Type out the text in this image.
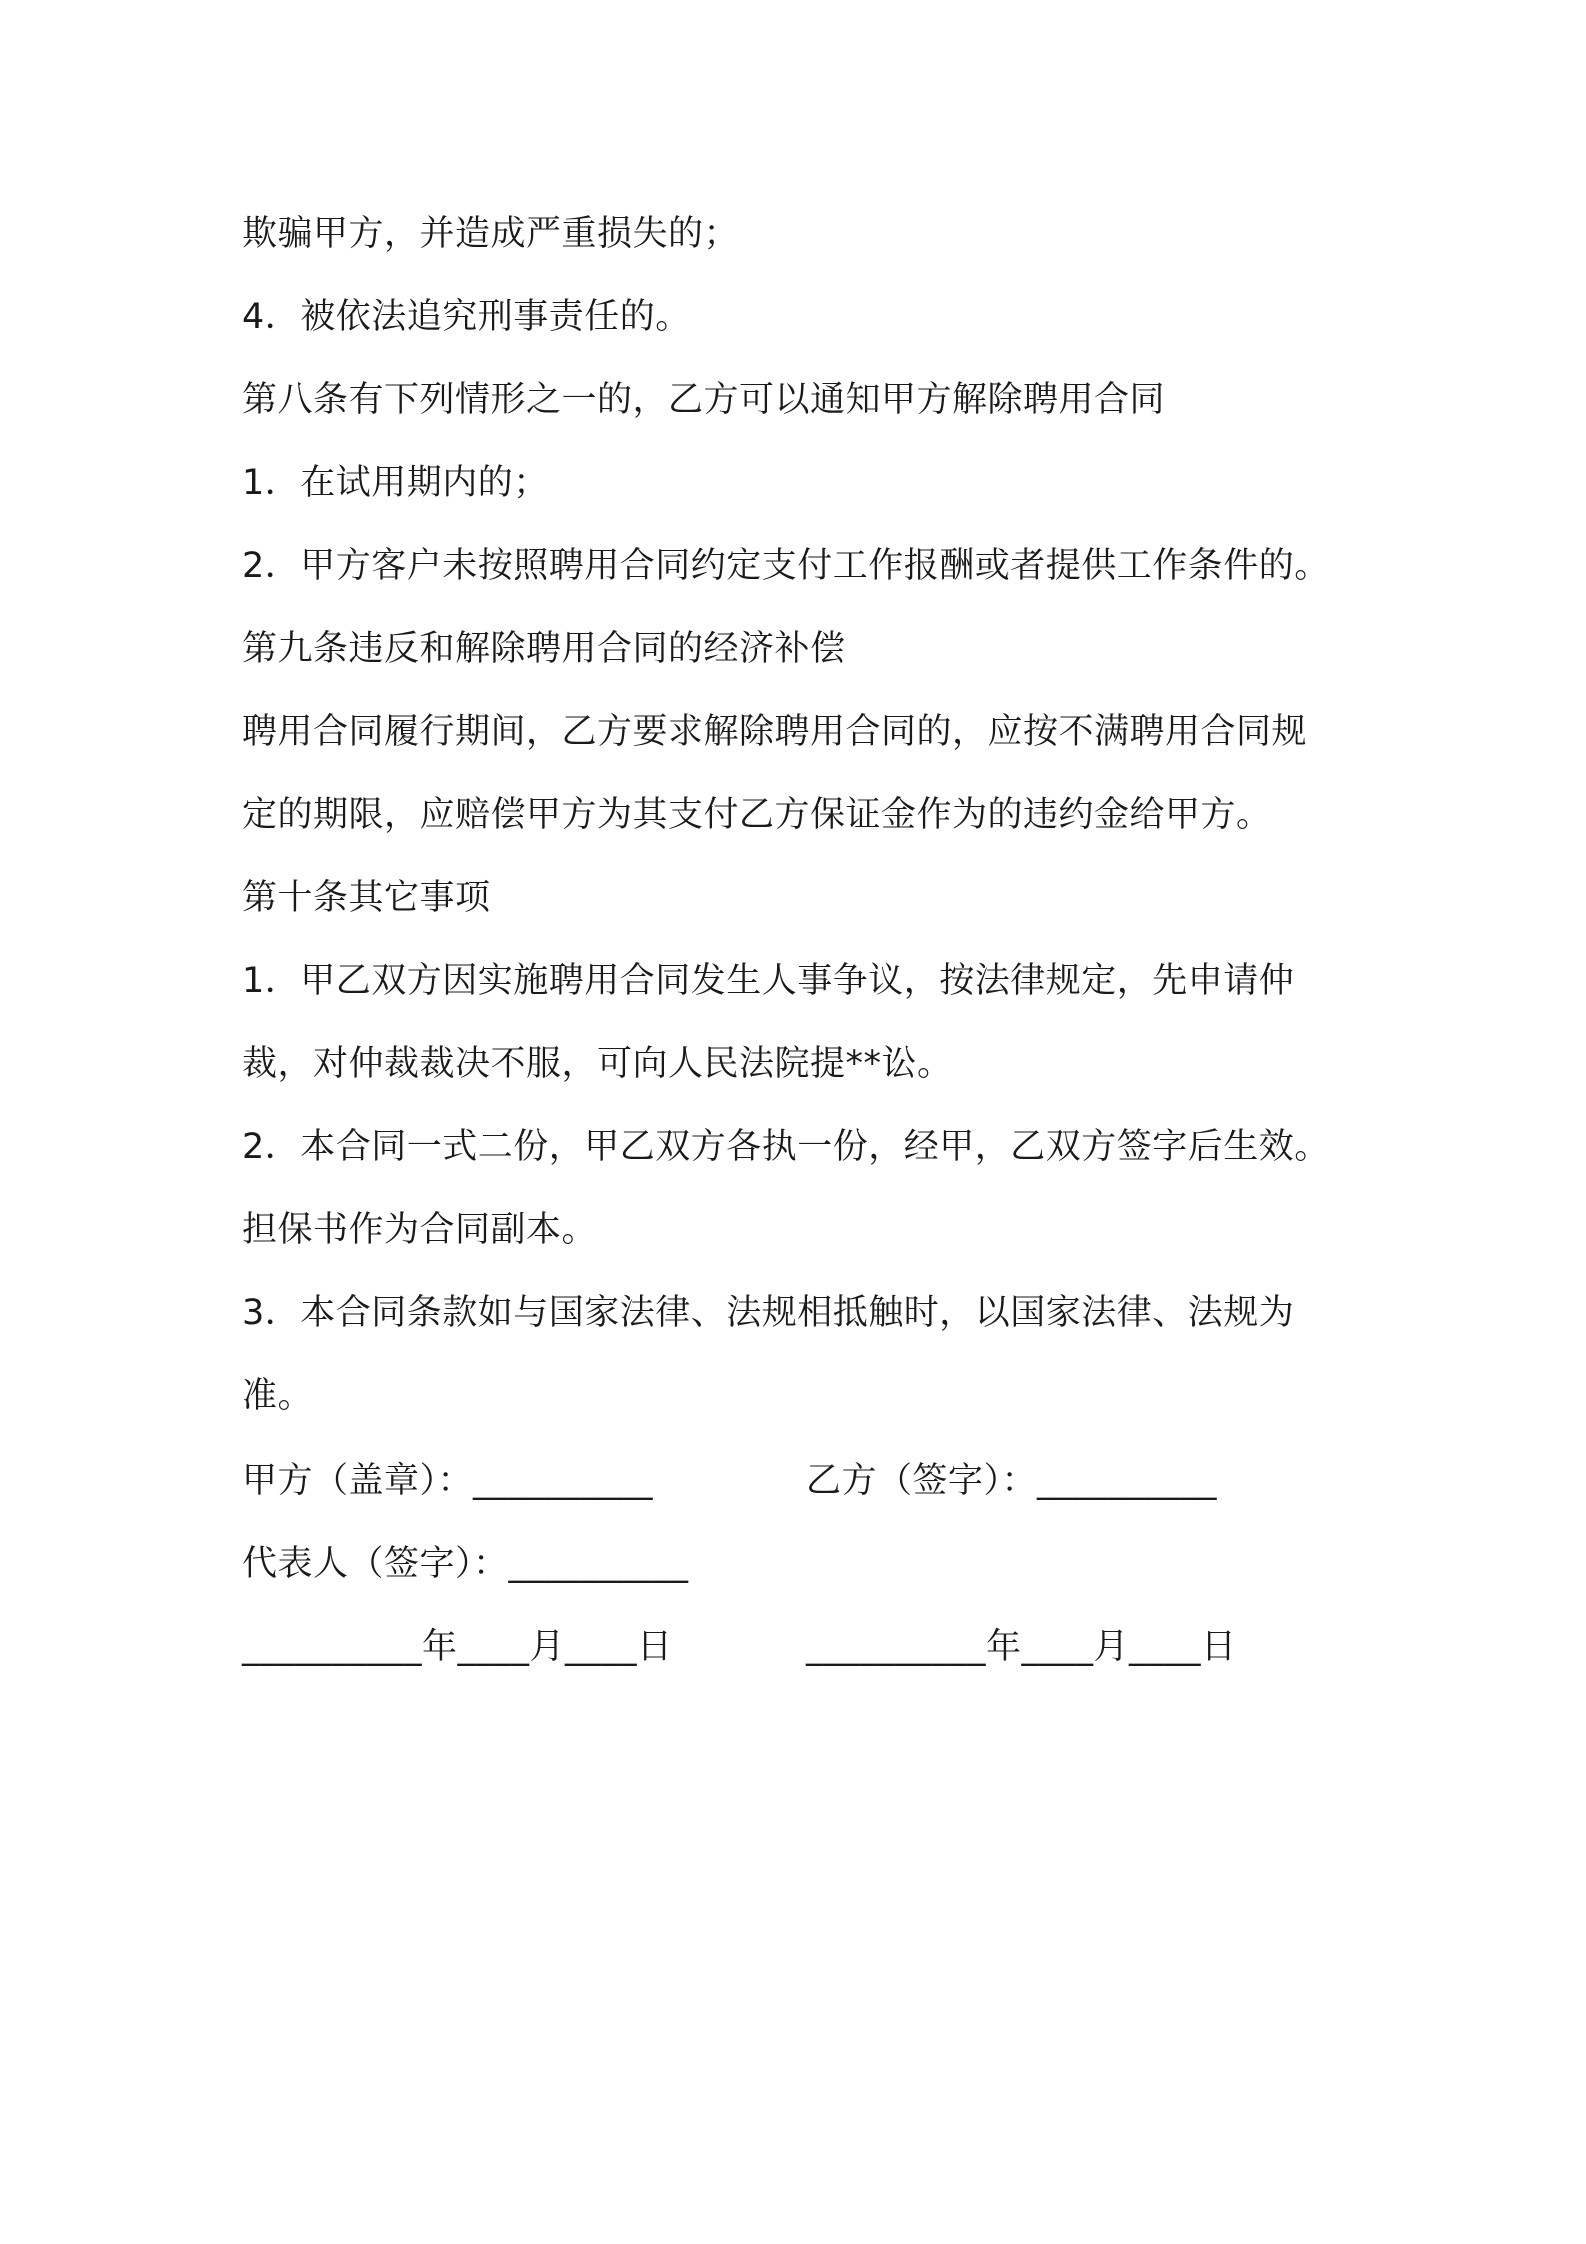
欺骗甲方，并造成严重损失的；
4．被依法追究刑事责任的。
第八条有下列情形之一的，乙方可以通知甲方解除聘用合同
1．在试用期内的；
2．甲方客户未按照聘用合同约定支付工作报酬或者提供工作条件的。
第九条违反和解除聘用合同的经济补偿
聘用合同履行期间，乙方要求解除聘用合同的，应按不满聘用合同规
定的期限，应赔偿甲方为其支付乙方保证金作为的违约金给甲方。
第十条其它事项
1．甲乙双方因实施聘用合同发生人事争议，按法律规定，先申请仲
裁，对仲裁裁决不服，可向人民法院提**讼。
2．本合同一式二份，甲乙双方各执一份，经甲，乙双方签字后生效。
担保书作为合同副本。
3．本合同条款如与国家法律、法规相抵触时，以国家法律、法规为
准。
甲方（盖章）：__________	乙方（签字）：__________
代表人（签字）：__________
__________年____月____日	__________年____月____日
